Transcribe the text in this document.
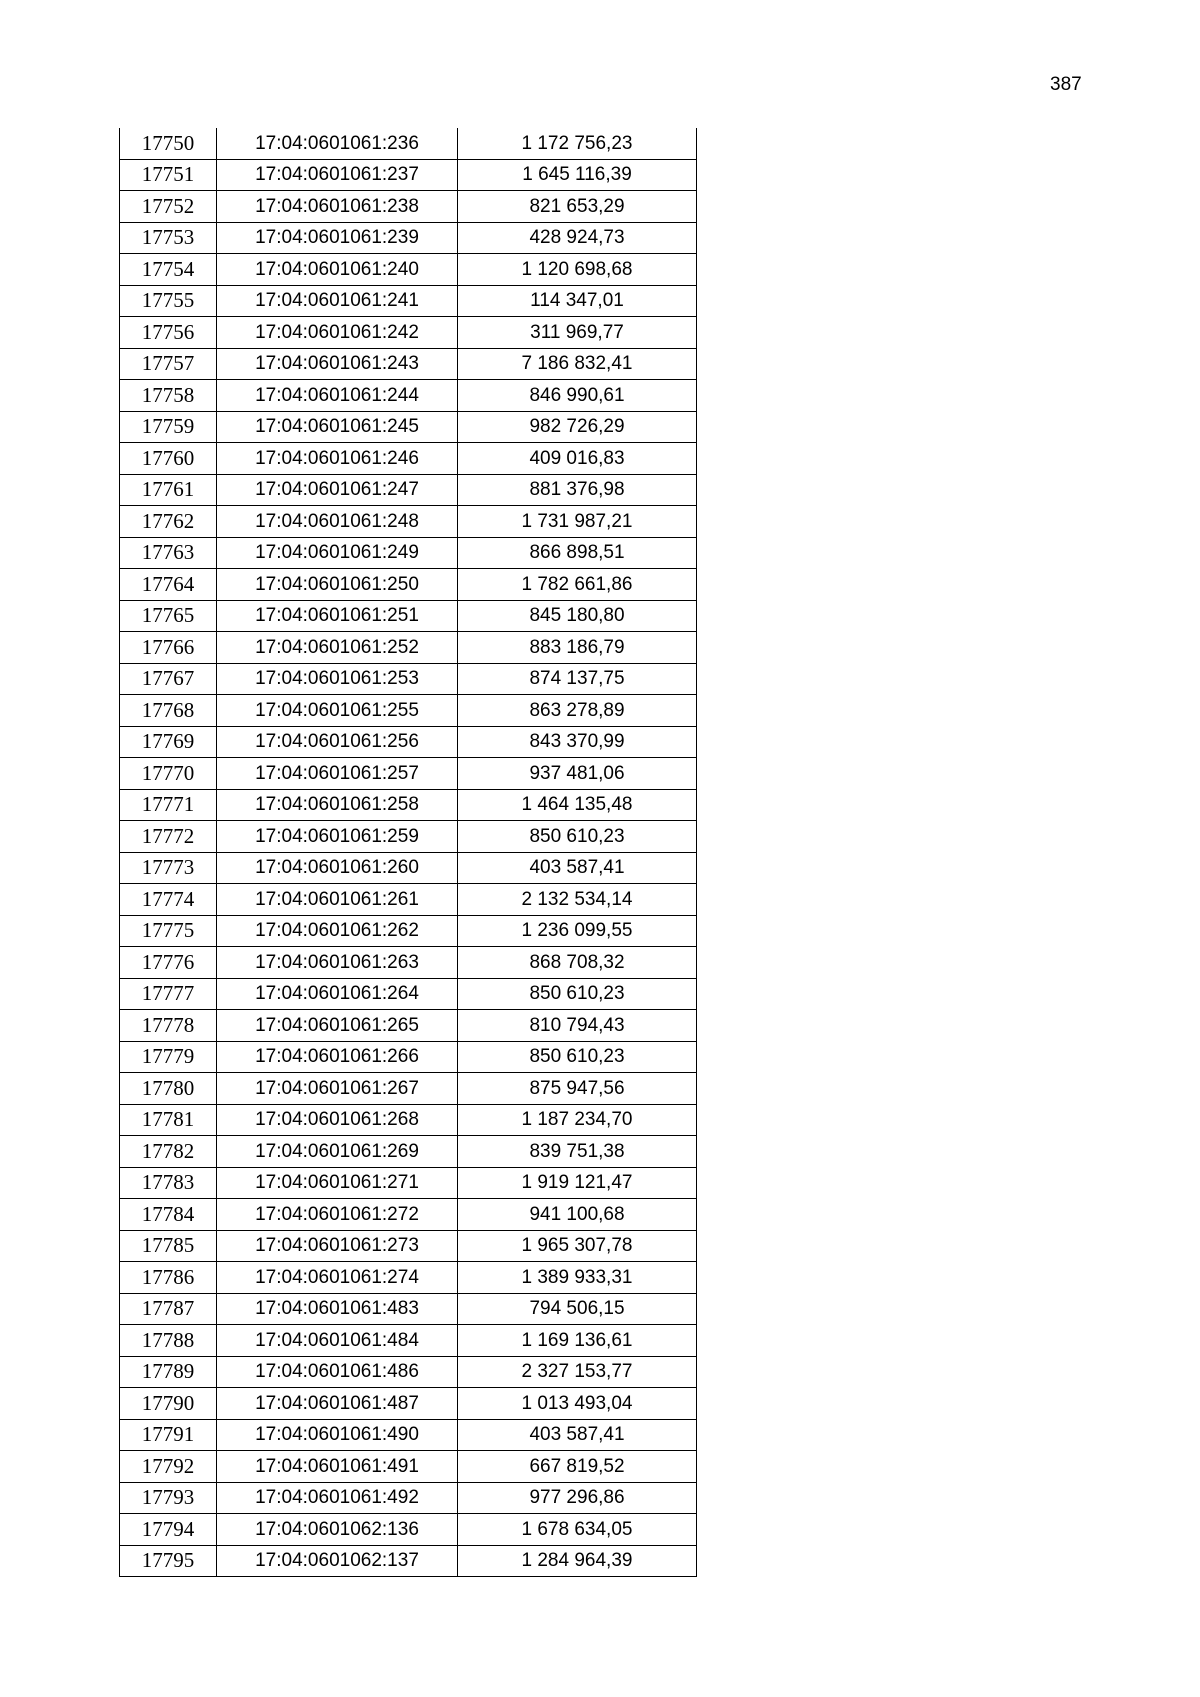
387
17750	17:04:0601061:236	1 172 756,23
17751	17:04:0601061:237	1 645 116,39
17752	17:04:0601061:238	821 653,29
17753	17:04:0601061:239	428 924,73
17754	17:04:0601061:240	1 120 698,68
17755	17:04:0601061:241	114 347,01
17756	17:04:0601061:242	311 969,77
17757	17:04:0601061:243	7 186 832,41
17758	17:04:0601061:244	846 990,61
17759	17:04:0601061:245	982 726,29
17760	17:04:0601061:246	409 016,83
17761	17:04:0601061:247	881 376,98
17762	17:04:0601061:248	1 731 987,21
17763	17:04:0601061:249	866 898,51
17764	17:04:0601061:250	1 782 661,86
17765	17:04:0601061:251	845 180,80
17766	17:04:0601061:252	883 186,79
17767	17:04:0601061:253	874 137,75
17768	17:04:0601061:255	863 278,89
17769	17:04:0601061:256	843 370,99
17770	17:04:0601061:257	937 481,06
17771	17:04:0601061:258	1 464 135,48
17772	17:04:0601061:259	850 610,23
17773	17:04:0601061:260	403 587,41
17774	17:04:0601061:261	2 132 534,14
17775	17:04:0601061:262	1 236 099,55
17776	17:04:0601061:263	868 708,32
17777	17:04:0601061:264	850 610,23
17778	17:04:0601061:265	810 794,43
17779	17:04:0601061:266	850 610,23
17780	17:04:0601061:267	875 947,56
17781	17:04:0601061:268	1 187 234,70
17782	17:04:0601061:269	839 751,38
17783	17:04:0601061:271	1 919 121,47
17784	17:04:0601061:272	941 100,68
17785	17:04:0601061:273	1 965 307,78
17786	17:04:0601061:274	1 389 933,31
17787	17:04:0601061:483	794 506,15
17788	17:04:0601061:484	1 169 136,61
17789	17:04:0601061:486	2 327 153,77
17790	17:04:0601061:487	1 013 493,04
17791	17:04:0601061:490	403 587,41
17792	17:04:0601061:491	667 819,52
17793	17:04:0601061:492	977 296,86
17794	17:04:0601062:136	1 678 634,05
17795	17:04:0601062:137	1 284 964,39
